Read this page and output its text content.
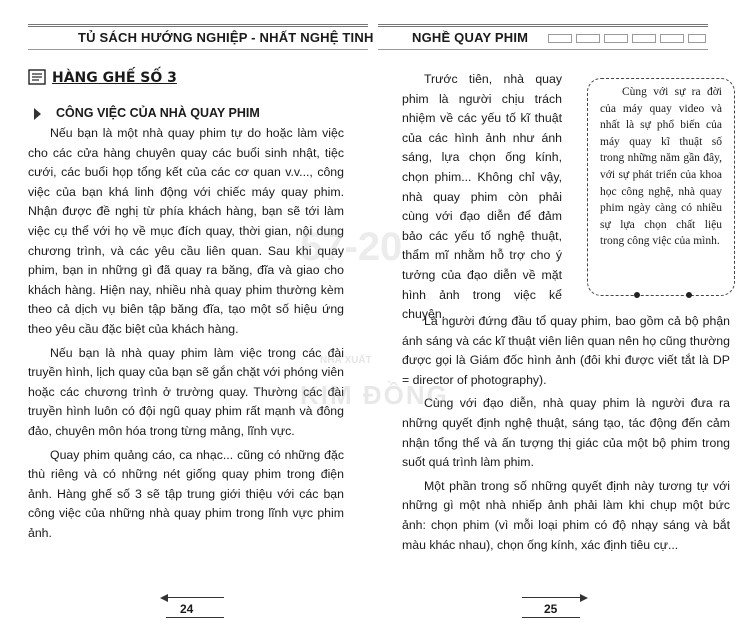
TỦ SÁCH HƯỚNG NGHIỆP - NHẤT NGHỆ TINH
HÀNG GHẾ SỐ 3
CÔNG VIỆC CỦA NHÀ QUAY PHIM

Nếu bạn là một nhà quay phim tự do hoặc làm việc cho các cửa hàng chuyên quay các buổi sinh nhật, tiệc cưới, các buổi họp tổng kết của các cơ quan v.v..., công việc của bạn khá linh động với chiếc máy quay phim. Nhận được đề nghị từ phía khách hàng, bạn sẽ tới làm việc cụ thể với họ về mục đích quay, thời gian, nội dung chương trình, và các yêu cầu liên quan. Sau khi quay phim, bạn in những gì đã quay ra băng, đĩa và giao cho khách hàng. Hiện nay, nhiều nhà quay phim thường kèm theo cả dịch vụ biên tập băng đĩa, tạo một số hiệu ứng theo yêu cầu đặc biệt của khách hàng.

Nếu bạn là nhà quay phim làm việc trong các đài truyền hình, lịch quay của bạn sẽ gắn chặt với phóng viên hoặc các chương trình ở trường quay. Thường các đài truyền hình luôn có đội ngũ quay phim rất mạnh và đông đảo, chuyên môn hóa trong từng mảng, lĩnh vực.

Quay phim quảng cáo, ca nhạc... cũng có những đặc thù riêng và có những nét giống quay phim trong điện ảnh. Hàng ghế số 3 sẽ tập trung giới thiệu với các bạn công việc của những nhà quay phim trong lĩnh vực phim ảnh.

24
NGHỀ QUAY PHIM

Trước tiên, nhà quay phim là người chịu trách nhiệm về các yếu tố kĩ thuật của các hình ảnh như ánh sáng, lựa chọn ống kính, chọn phim... Không chỉ vậy, nhà quay phim còn phải cùng với đạo diễn để đảm bảo các yếu tố nghệ thuật, thẩm mĩ nhằm hỗ trợ cho ý tưởng của đạo diễn về mặt hình ảnh trong việc kể chuyện.

Cùng với sự ra đời của máy quay video và nhất là sự phổ biến của máy quay kĩ thuật số trong những năm gần đây, với sự phát triển của khoa học công nghệ, nhà quay phim ngày càng có nhiều sự lựa chọn chất liệu trong công việc của mình.

Là người đứng đầu tổ quay phim, bao gồm cả bộ phận ánh sáng và các kĩ thuật viên liên quan nên họ cũng thường được gọi là Giám đốc hình ảnh (đôi khi được viết tắt là DP = director of photography).

Cùng với đạo diễn, nhà quay phim là người đưa ra những quyết định nghệ thuật, sáng tạo, tác động đến cảm nhận tổng thể và ấn tượng thị giác của một bộ phim trong suốt quá trình làm phim.

Một phần trong số những quyết định này tương tự với những gì một nhà nhiếp ảnh phải làm khi chụp một bức ảnh: chọn phim (vì mỗi loại phim có độ nhạy sáng và bắt màu khác nhau), chọn ống kính, xác định tiêu cự...

25
57-20
NHÀ XUẤT
KIM ĐỒNG
